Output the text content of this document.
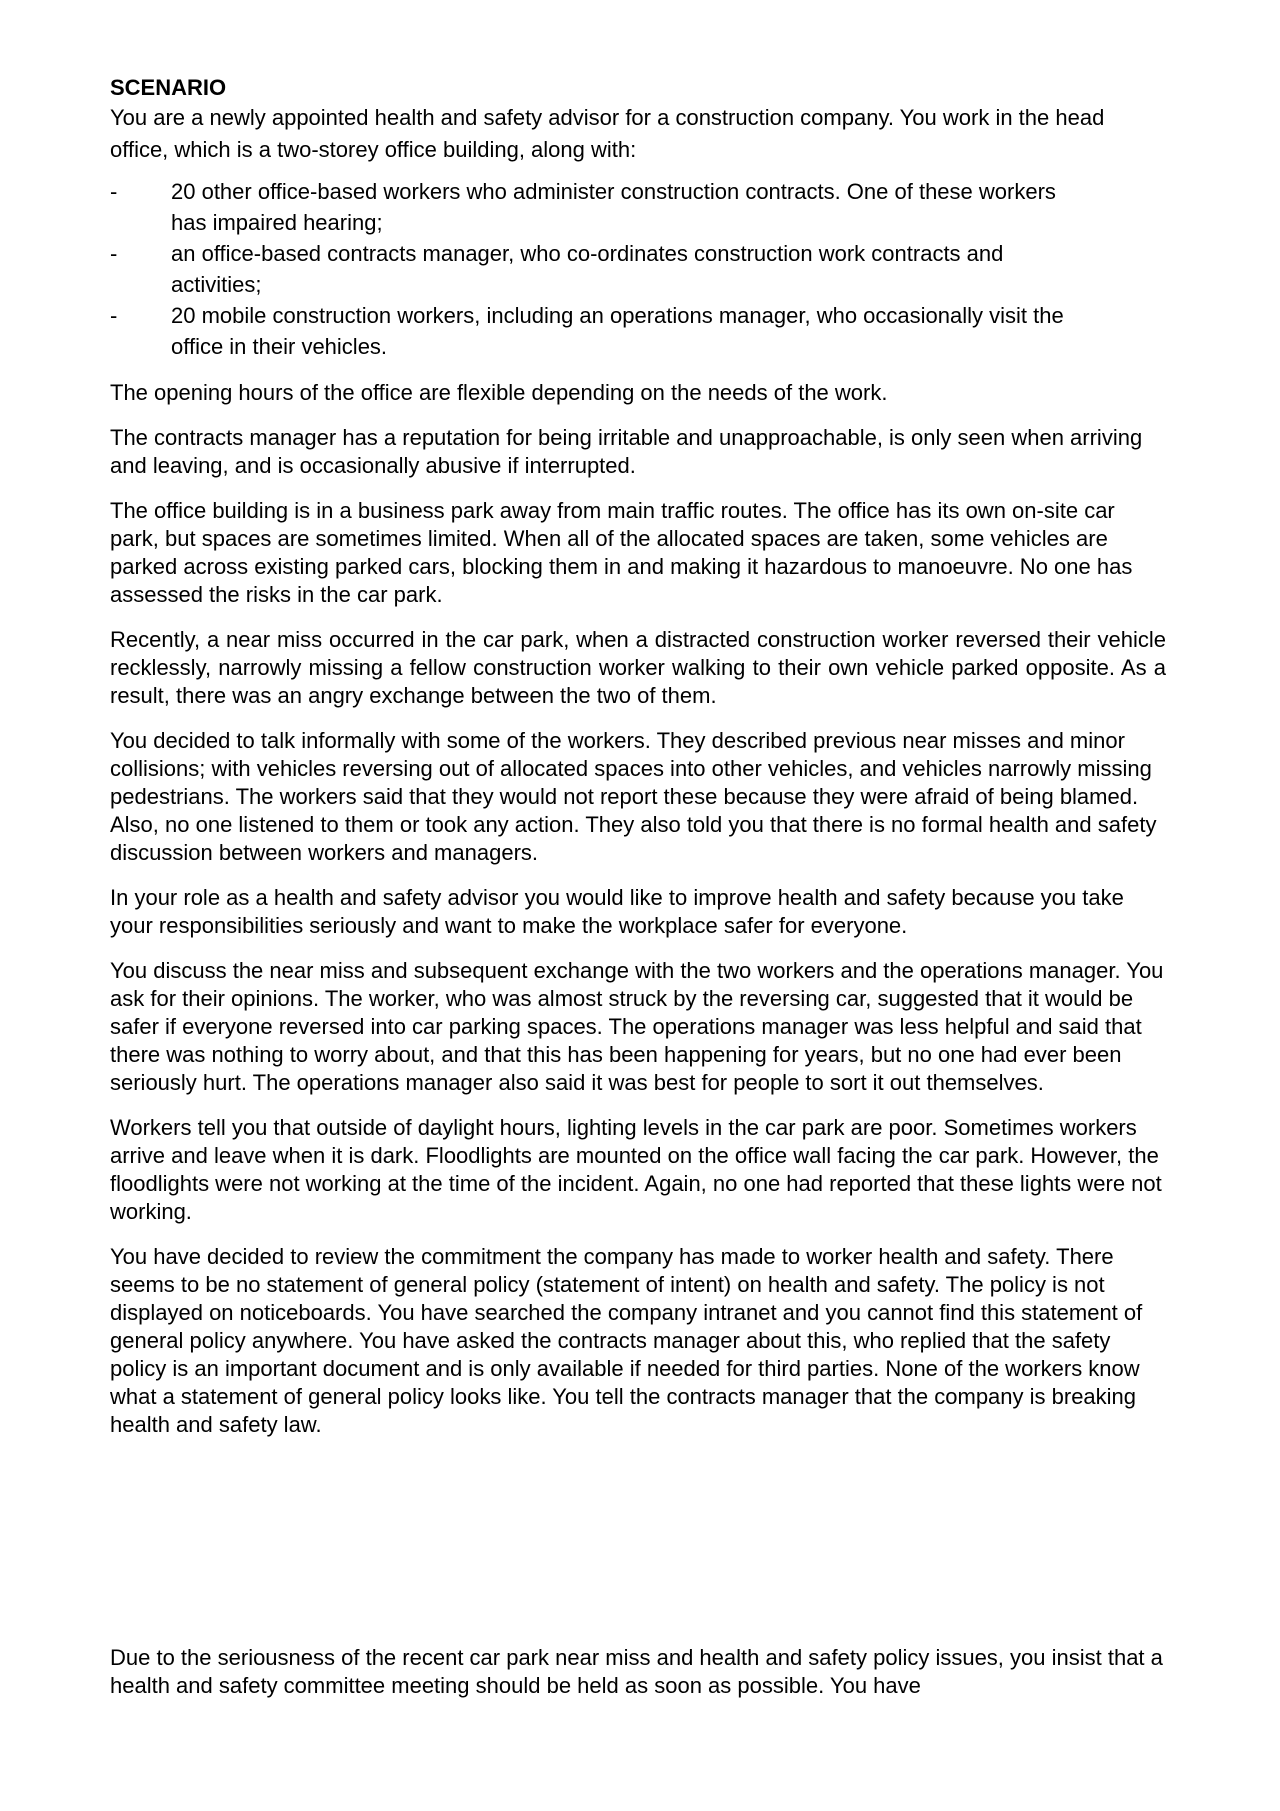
SCENARIO

You are a newly appointed health and safety advisor for a construction company. You work in the head office, which is a two-storey office building, along with:

- 20 other office-based workers who administer construction contracts. One of these workers has impaired hearing;
- an office-based contracts manager, who co-ordinates construction work contracts and activities;
- 20 mobile construction workers, including an operations manager, who occasionally visit the office in their vehicles.

The opening hours of the office are flexible depending on the needs of the work.

The contracts manager has a reputation for being irritable and unapproachable, is only seen when arriving and leaving, and is occasionally abusive if interrupted.

The office building is in a business park away from main traffic routes. The office has its own on-site car park, but spaces are sometimes limited. When all of the allocated spaces are taken, some vehicles are parked across existing parked cars, blocking them in and making it hazardous to manoeuvre. No one has assessed the risks in the car park.

Recently, a near miss occurred in the car park, when a distracted construction worker reversed their vehicle recklessly, narrowly missing a fellow construction worker walking to their own vehicle parked opposite. As a result, there was an angry exchange between the two of them.

You decided to talk informally with some of the workers. They described previous near misses and minor collisions; with vehicles reversing out of allocated spaces into other vehicles, and vehicles narrowly missing pedestrians. The workers said that they would not report these because they were afraid of being blamed. Also, no one listened to them or took any action. They also told you that there is no formal health and safety discussion between workers and managers.

In your role as a health and safety advisor you would like to improve health and safety because you take your responsibilities seriously and want to make the workplace safer for everyone.

You discuss the near miss and subsequent exchange with the two workers and the operations manager. You ask for their opinions. The worker, who was almost struck by the reversing car, suggested that it would be safer if everyone reversed into car parking spaces. The operations manager was less helpful and said that there was nothing to worry about, and that this has been happening for years, but no one had ever been seriously hurt. The operations manager also said it was best for people to sort it out themselves.

Workers tell you that outside of daylight hours, lighting levels in the car park are poor. Sometimes workers arrive and leave when it is dark. Floodlights are mounted on the office wall facing the car park. However, the floodlights were not working at the time of the incident. Again, no one had reported that these lights were not working.

You have decided to review the commitment the company has made to worker health and safety. There seems to be no statement of general policy (statement of intent) on health and safety. The policy is not displayed on noticeboards. You have searched the company intranet and you cannot find this statement of general policy anywhere. You have asked the contracts manager about this, who replied that the safety policy is an important document and is only available if needed for third parties. None of the workers know what a statement of general policy looks like. You tell the contracts manager that the company is breaking health and safety law.

Due to the seriousness of the recent car park near miss and health and safety policy issues, you insist that a health and safety committee meeting should be held as soon as possible. You have
